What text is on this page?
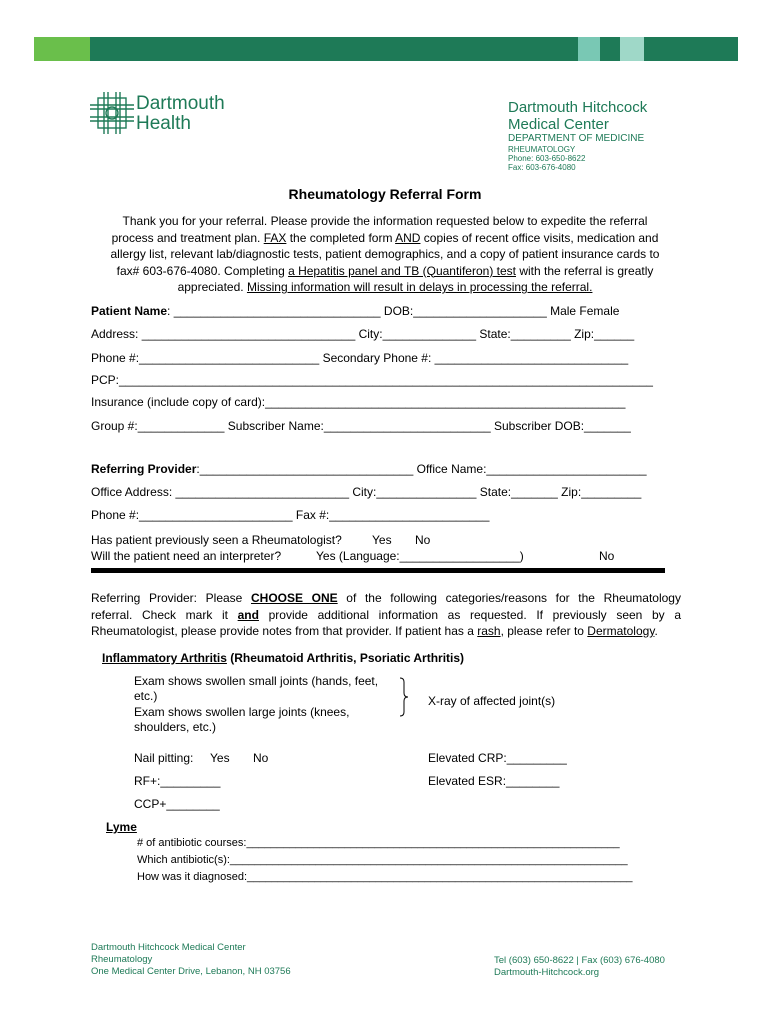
Dartmouth
Health
Dartmouth Hitchcock
Medical Center
DEPARTMENT OF MEDICINE
RHEUMATOLOGY
Phone: 603-650-8622
Fax: 603-676-4080
Rheumatology Referral Form
Thank you for your referral. Please provide the information requested below to expedite the referral
process and treatment plan. FAX the completed form AND copies of recent office visits, medication and
allergy list, relevant lab/diagnostic tests, patient demographics, and a copy of patient insurance cards to
fax# 603-676-4080. Completing a Hepatitis panel and TB (Quantiferon) test with the referral is greatly
appreciated. Missing information will result in delays in processing the referral.
Patient Name: _______________________________ DOB:____________________ Male Female
Address: ________________________________ City:______________ State:_________ Zip:______
Phone #:___________________________ Secondary Phone #: _____________________________
PCP:________________________________________________________________________________
Insurance (include copy of card):______________________________________________________
Group #:_____________ Subscriber Name:_________________________ Subscriber DOB:_______
Referring Provider:________________________________ Office Name:________________________
Office Address: __________________________ City:_______________ State:_______ Zip:_________
Phone #:_______________________ Fax #:________________________
Has patient previously seen a Rheumatologist?	Yes No
Will the patient need an interpreter?	Yes (Language:__________________)	No
Referring Provider: Please CHOOSE ONE of the following categories/reasons for the Rheumatology
referral. Check mark it and provide additional information as requested. If previously seen by a
Rheumatologist, please provide notes from that provider. If patient has a rash, please refer to Dermatology.
Inflammatory Arthritis (Rheumatoid Arthritis, Psoriatic Arthritis)
Exam shows swollen small joints (hands, feet,
etc.)
Exam shows swollen large joints (knees,
shoulders, etc.)
X-ray of affected joint(s)
Nail pitting: Yes No	Elevated CRP:_________
RF+:_________	Elevated ESR:________
CCP+________
Lyme
# of antibiotic courses:_____________________________________________________________
Which antibiotic(s):_________________________________________________________________
How was it diagnosed:_______________________________________________________________
Dartmouth Hitchcock Medical Center
Rheumatology
One Medical Center Drive, Lebanon, NH 03756
Tel (603) 650-8622 | Fax (603) 676-4080
Dartmouth-Hitchcock.org
